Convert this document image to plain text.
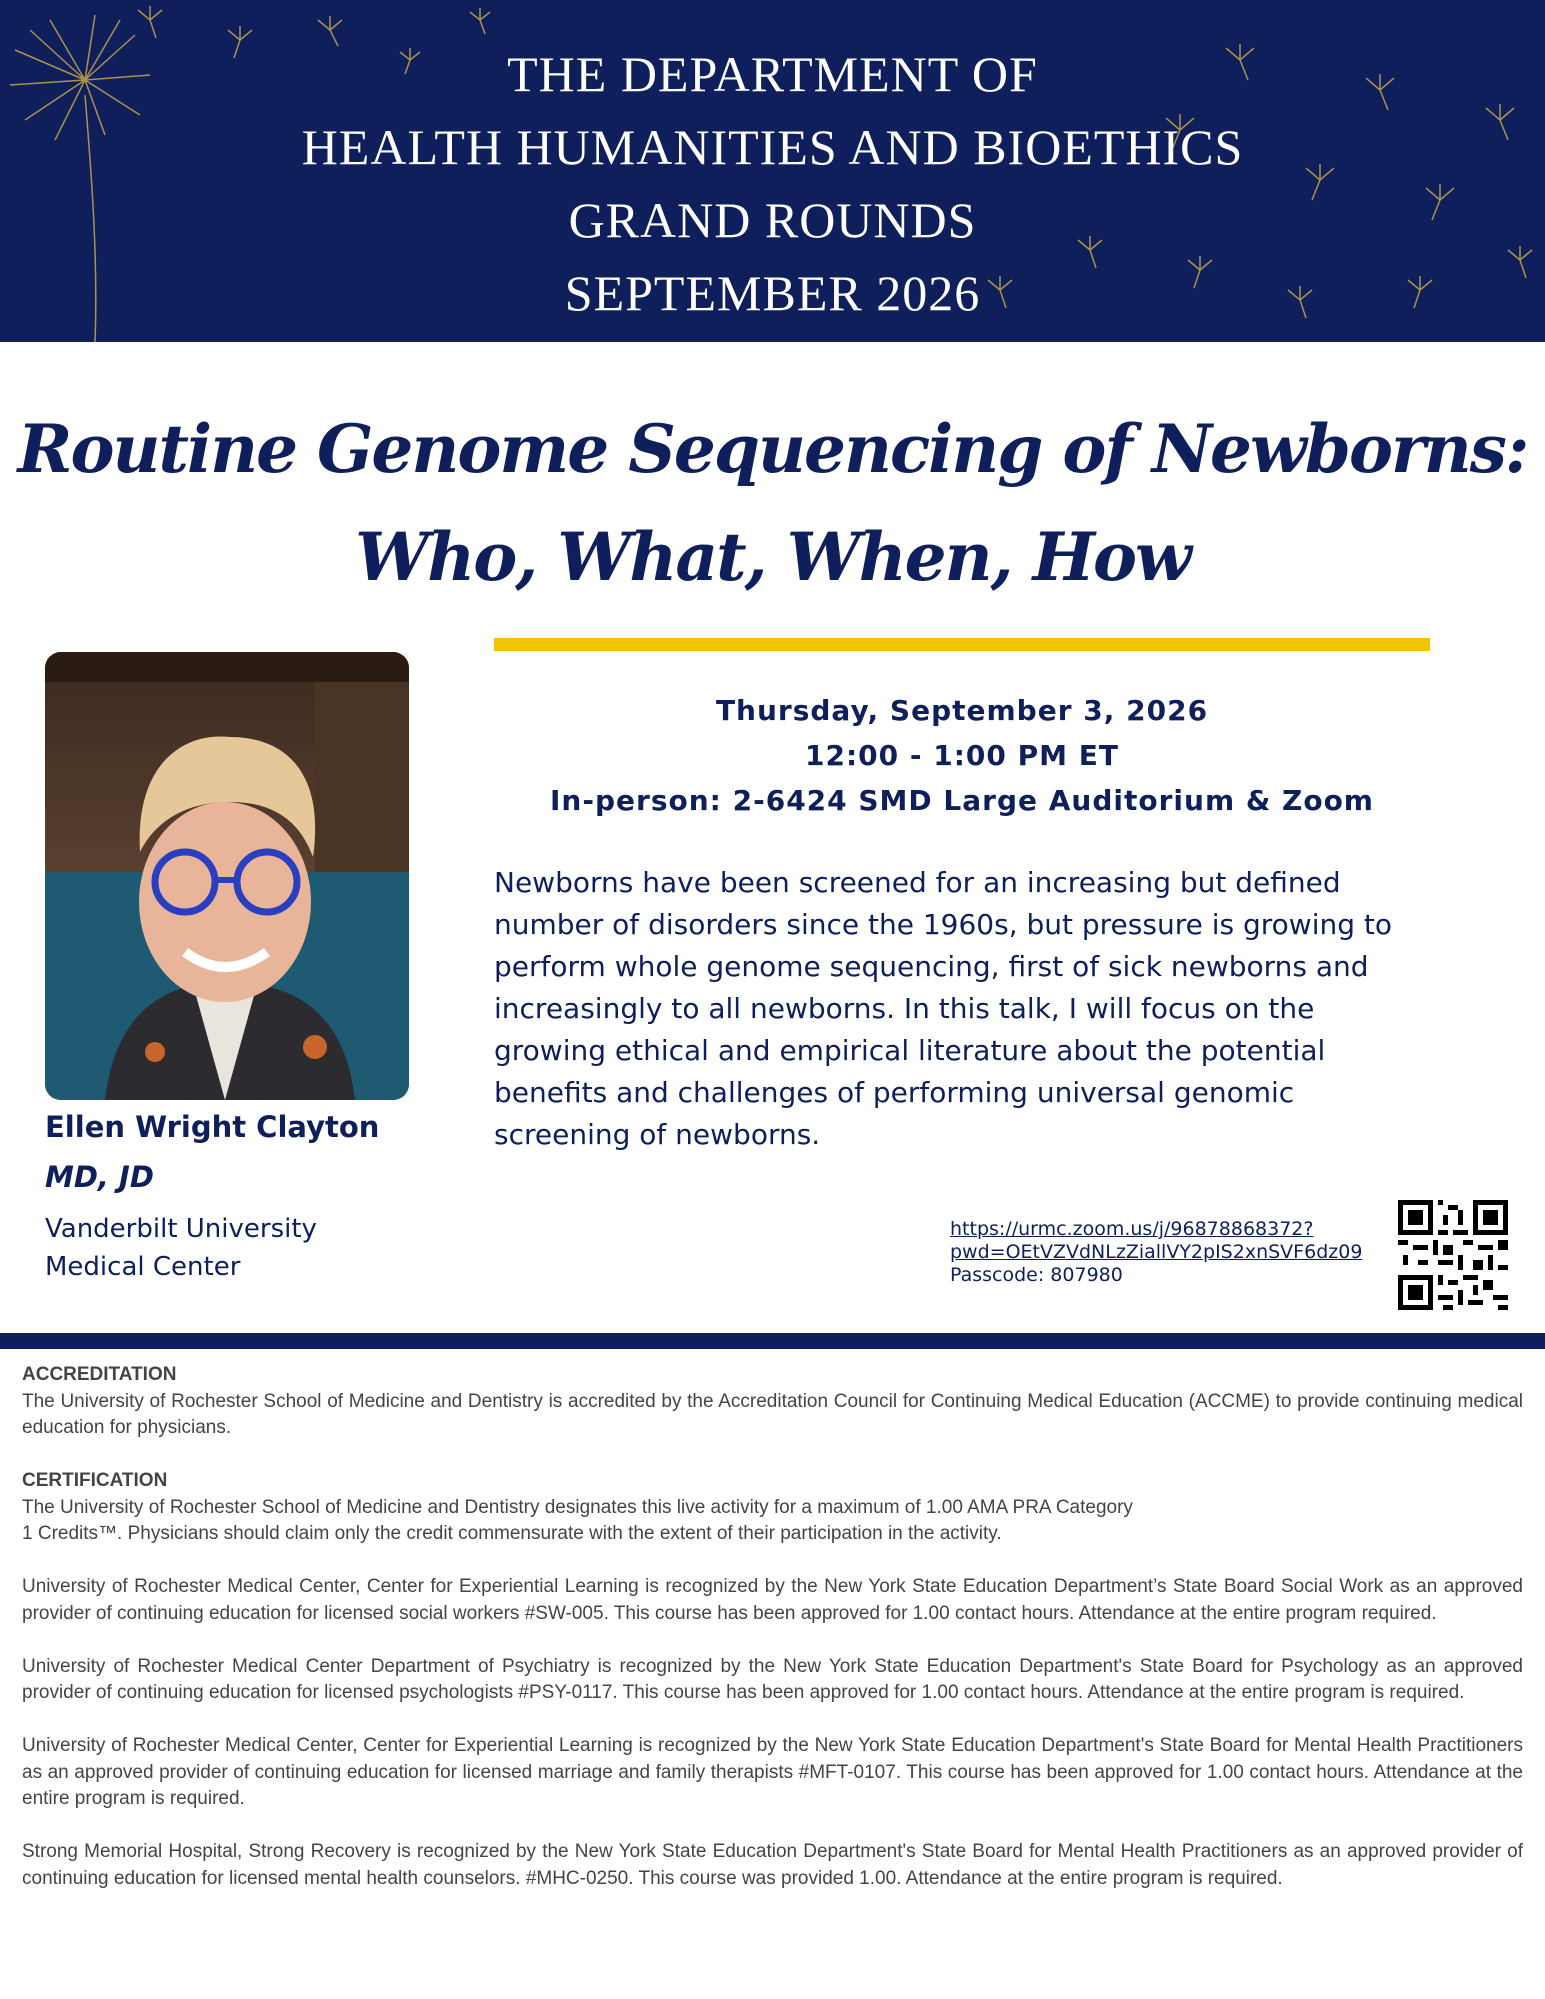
THE DEPARTMENT OF
HEALTH HUMANITIES AND BIOETHICS
GRAND ROUNDS
SEPTEMBER 2026
Routine Genome Sequencing of Newborns:
Who, What, When, How
Thursday, September 3, 2026
12:00 - 1:00 PM ET
In-person: 2-6424 SMD Large Auditorium & Zoom
Newborns have been screened for an increasing but defined number of disorders since the 1960s, but pressure is growing to perform whole genome sequencing, first of sick newborns and increasingly to all newborns. In this talk, I will focus on the growing ethical and empirical literature about the potential benefits and challenges of performing universal genomic screening of newborns.
Ellen Wright Clayton
MD, JD
Vanderbilt University
Medical Center
https://urmc.zoom.us/j/96878868372?
pwd=OEtVZVdNLzZiallVY2pIS2xnSVF6dz09
Passcode: 807980

ACCREDITATION
The University of Rochester School of Medicine and Dentistry is accredited by the Accreditation Council for Continuing Medical Education (ACCME) to provide continuing medical education for physicians.

CERTIFICATION
The University of Rochester School of Medicine and Dentistry designates this live activity for a maximum of 1.00 AMA PRA Category
1 Credits™. Physicians should claim only the credit commensurate with the extent of their participation in the activity.

University of Rochester Medical Center, Center for Experiential Learning is recognized by the New York State Education Department’s State Board Social Work as an approved provider of continuing education for licensed social workers #SW-005. This course has been approved for 1.00 contact hours. Attendance at the entire program required.

University of Rochester Medical Center Department of Psychiatry is recognized by the New York State Education Department's State Board for Psychology as an approved provider of continuing education for licensed psychologists #PSY-0117. This course has been approved for 1.00 contact hours. Attendance at the entire program is required.

University of Rochester Medical Center, Center for Experiential Learning is recognized by the New York State Education Department's State Board for Mental Health Practitioners as an approved provider of continuing education for licensed marriage and family therapists #MFT-0107. This course has been approved for 1.00 contact hours. Attendance at the entire program is required.

Strong Memorial Hospital, Strong Recovery is recognized by the New York State Education Department's State Board for Mental Health Practitioners as an approved provider of continuing education for licensed mental health counselors. #MHC-0250. This course was provided 1.00. Attendance at the entire program is required.
